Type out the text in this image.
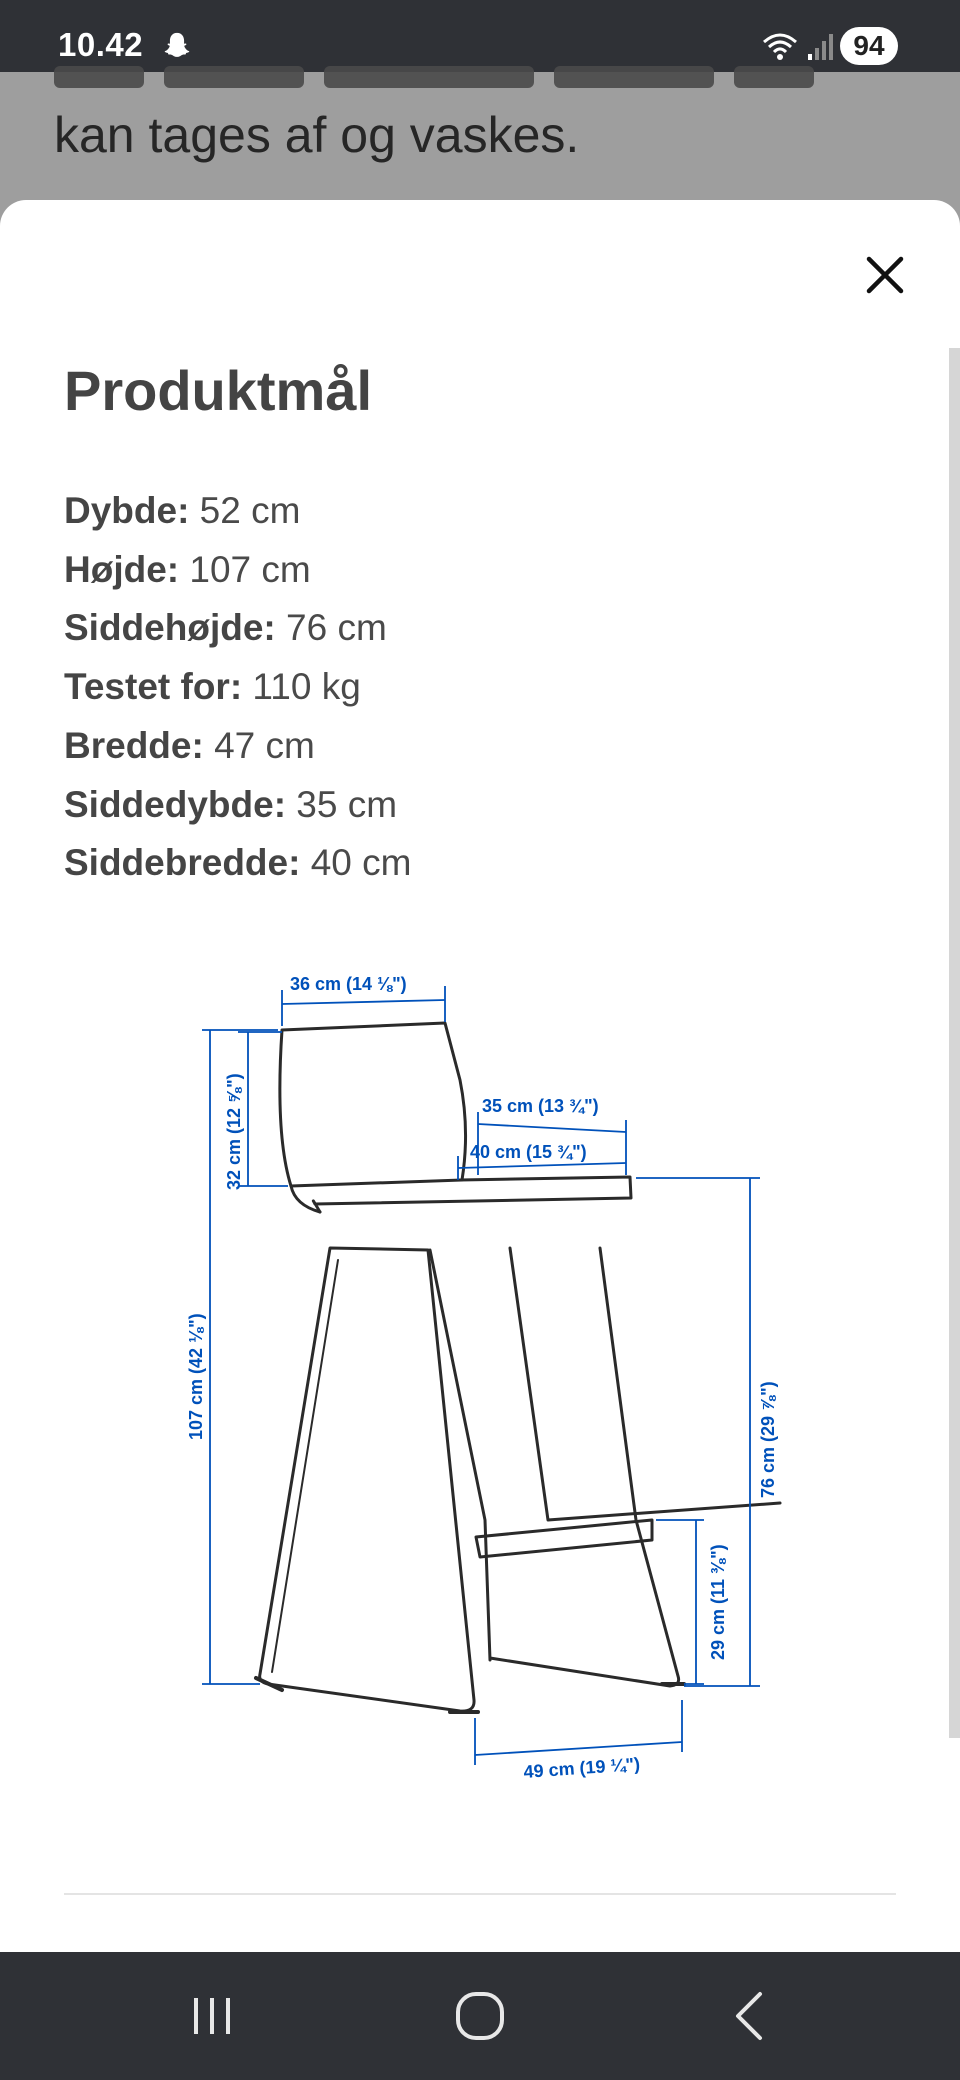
10.42	94
kan tages af og vaskes.
Produktmål
Dybde: 52 cm
Højde: 107 cm
Siddehøjde: 76 cm
Testet for: 110 kg
Bredde: 47 cm
Siddedybde: 35 cm
Siddebredde: 40 cm
36 cm (14 ⅛")
32 cm (12 ⅝")	35 cm (13 ¾")
40 cm (15 ¾")
107 cm (42 ⅛")	76 cm (29 ⅞")
29 cm (11 ⅜")
49 cm (19 ¼")
